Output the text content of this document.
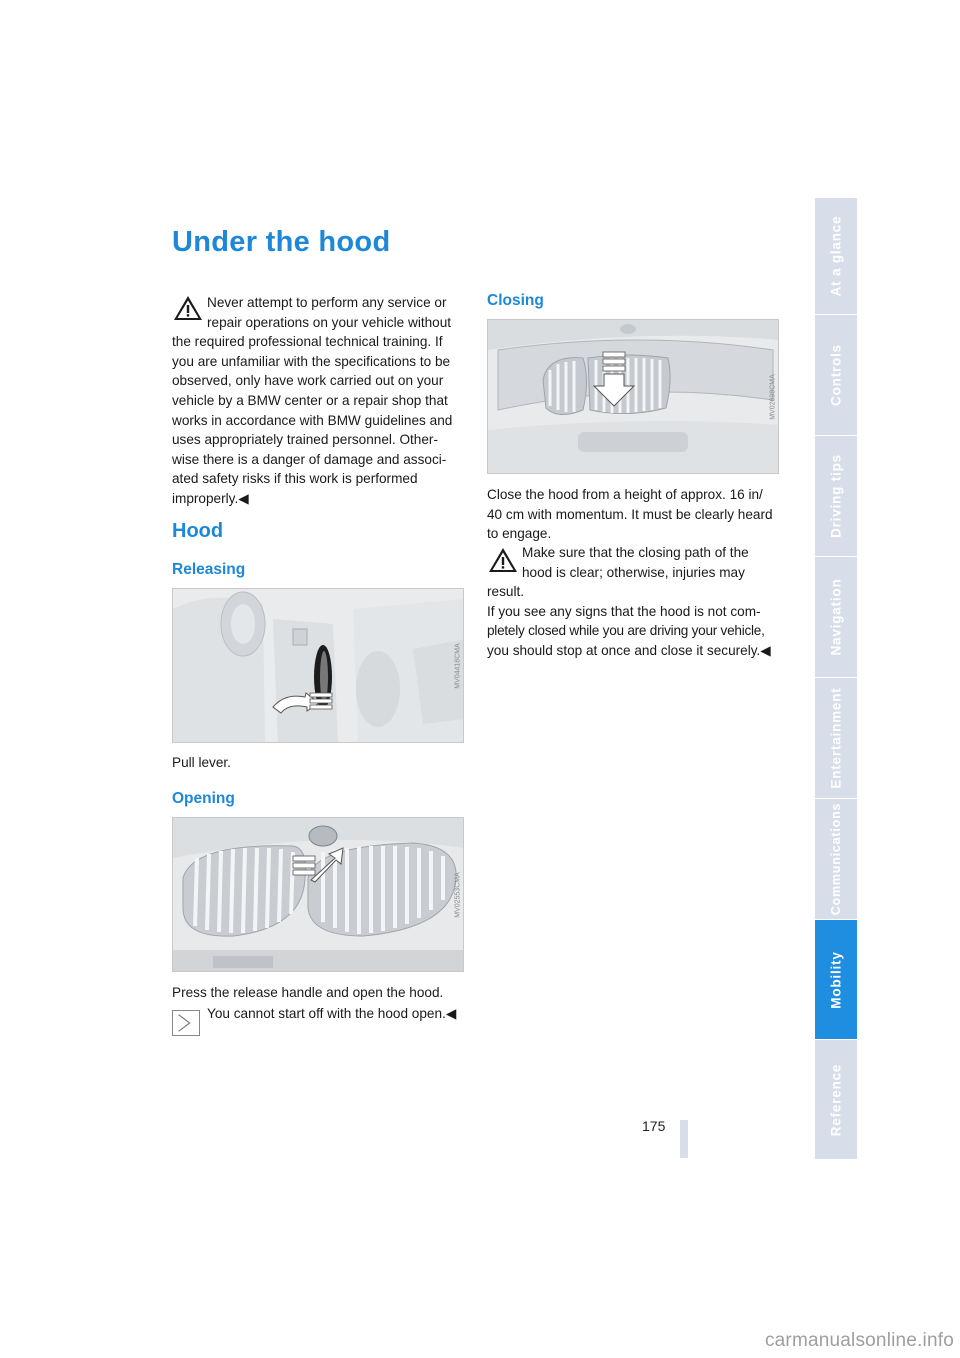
Under the hood
Never attempt to perform any service or
repair operations on your vehicle without
the required professional technical training. If
you are unfamiliar with the specifications to be
observed, only have work carried out on your
vehicle by a BMW center or a repair shop that
works in accordance with BMW guidelines and
uses appropriately trained personnel. Other-
wise there is a danger of damage and associ-
ated safety risks if this work is performed
improperly.◀
Hood
Releasing
MV04418CMA
Pull lever.
Opening
MV02553CMA
Press the release handle and open the hood.
You cannot start off with the hood open.◀
Closing
MV02698CMA
Close the hood from a height of approx. 16 in/
40 cm with momentum. It must be clearly heard
to engage.
Make sure that the closing path of the
hood is clear; otherwise, injuries may
result.
If you see any signs that the hood is not com-
pletely closed while you are driving your vehicle,
you should stop at once and close it securely.◀
At a glance
Controls
Driving tips
Navigation
Entertainment
Communications
Mobility
Reference
175
carmanualsonline.info
